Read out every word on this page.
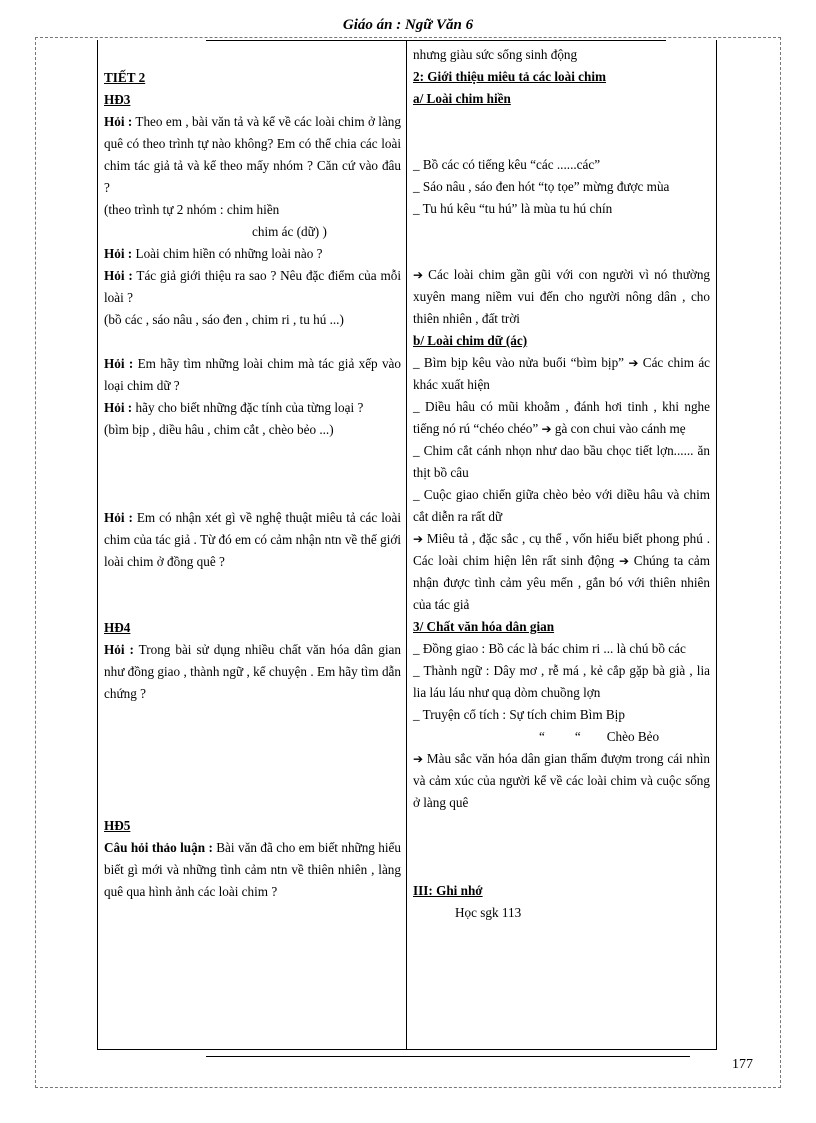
Giáo án : Ngữ Văn 6

TIẾT 2

HĐ3

Hỏi : Theo em , bài văn tả và kể về các loài chim ở làng quê có theo trình tự nào không? Em có thể chia các loài chim tác giả tả và kể theo mấy nhóm ? Căn cứ vào đâu ?

(theo trình tự 2 nhóm : chim hiền

chim ác (dữ) )

Hỏi : Loài chim hiền có những loài nào ?

Hỏi : Tác giả giới thiệu ra sao ? Nêu đặc điểm của mỗi loài ?

(bồ các , sáo nâu , sáo đen , chim ri , tu hú ...)

Hỏi : Em hãy tìm những loài chim mà tác giả xếp vào loại chim dữ ?

Hỏi : hãy cho biết những đặc tính của từng loại ?

(bìm bịp , diều hâu , chim cắt , chèo bẻo ...)

Hỏi : Em có nhận xét gì về nghệ thuật miêu tả các loài chim của tác giả . Từ đó em có cảm nhận ntn về thế giới loài chim ở đồng quê ?

HĐ4

Hỏi : Trong bài sử dụng nhiều chất văn hóa dân gian như đồng giao , thành ngữ , kể chuyện . Em hãy tìm dẫn chứng ?

HĐ5

Câu hỏi thảo luận : Bài văn đã cho em biết những hiểu biết gì mới và những tình cảm ntn về thiên nhiên , làng quê qua hình ảnh các loài chim ?

nhưng giàu sức sống sinh động

2: Giới thiệu miêu tả các loài chim

a/ Loài chim hiền

_ Bồ các có tiếng kêu “các ......các”

_ Sáo nâu , sáo đen hót “tọ tọe” mừng được mùa

_ Tu hú kêu “tu hú” là mùa tu hú chín

➔ Các loài chim gần gũi với con người vì nó thường xuyên mang niềm vui đến cho người nông dân , cho thiên nhiên , đất trời

b/ Loài chim dữ (ác)

_ Bìm bịp kêu vào nửa buổi “bìm bịp” ➔ Các chim ác khác xuất hiện

_ Diều hâu có mũi khoằm , đánh hơi tinh , khi nghe tiếng nó rú “chéo chéo” ➔ gà con chui vào cánh mẹ

_ Chim cắt cánh nhọn như dao bầu chọc tiết lợn...... ăn thịt bồ câu

_ Cuộc giao chiến giữa chèo bẻo với diều hâu và chim cắt diễn ra rất dữ

➔ Miêu tả , đặc sắc , cụ thể , vốn hiểu biết phong phú . Các loài chim hiện lên rất sinh động ➔ Chúng ta cảm nhận được tình cảm yêu mến , gắn bó với thiên nhiên của tác giả

3/ Chất văn hóa dân gian

_ Đồng giao : Bồ các là bác chim ri ... là chú bồ các

_ Thành ngữ : Dây mơ , rễ má , kẻ cắp gặp bà già , lia lia láu láu như quạ dòm chuồng lợn

_ Truyện cổ tích : Sự tích chim Bìm Bịp

“ “ Chèo Bẻo

➔ Màu sắc văn hóa dân gian thấm đượm trong cái nhìn và cảm xúc của người kể về các loài chim và cuộc sống ở làng quê

III: Ghi nhớ

Học sgk 113

177
